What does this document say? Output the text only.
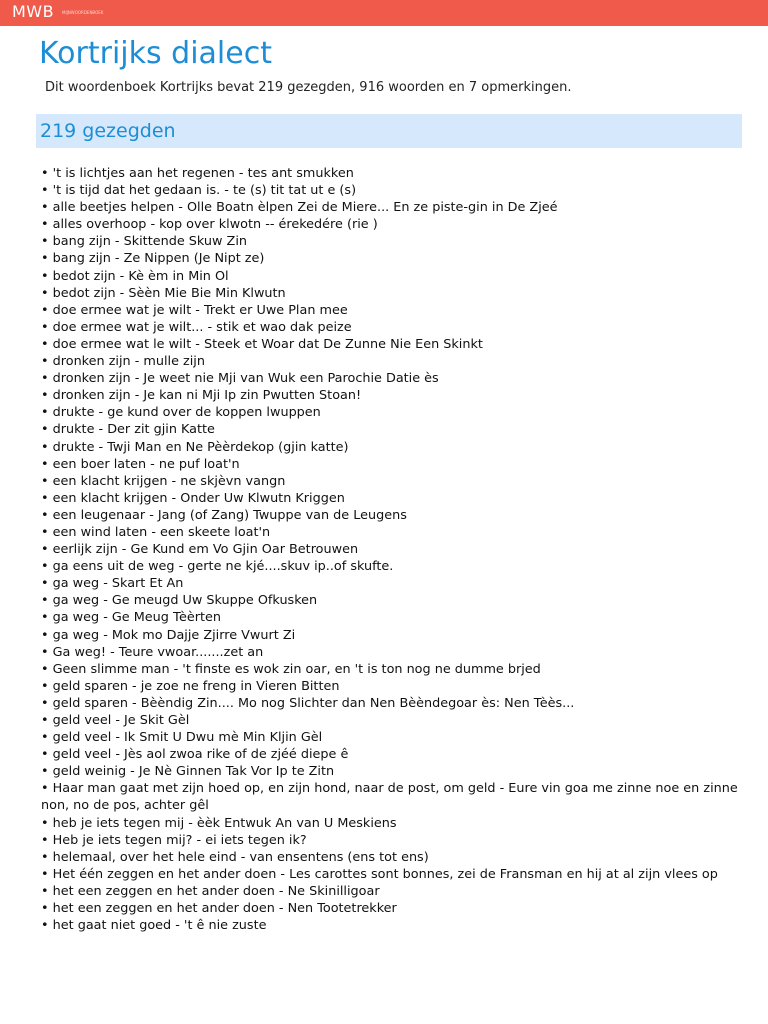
MWB MIJNWOORDENBOEK
Kortrijks dialect
Dit woordenboek Kortrijks bevat 219 gezegden, 916 woorden en 7 opmerkingen.
219 gezegden
• 't is lichtjes aan het regenen - tes ant smukken
• 't is tijd dat het gedaan is. - te (s) tit tat ut e (s)
• alle beetjes helpen - Olle Boatn èlpen Zei de Miere... En ze piste-gin in De Zjeé
• alles overhoop - kop over klwotn -- érekedére (rie )
• bang zijn - Skittende Skuw Zin
• bang zijn - Ze Nippen (Je Nipt ze)
• bedot zijn - Kè èm in Min Ol
• bedot zijn - Sèèn Mie Bie Min Klwutn
• doe ermee wat je wilt - Trekt er Uwe Plan mee
• doe ermee wat je wilt... - stik et wao dak peize
• doe ermee wat le wilt - Steek et Woar dat De Zunne Nie Een Skinkt
• dronken zijn - mulle zijn
• dronken zijn - Je weet nie Mji van Wuk een Parochie Datie ès
• dronken zijn - Je kan ni Mji Ip zin Pwutten Stoan!
• drukte - ge kund over de koppen lwuppen
• drukte - Der zit gjin Katte
• drukte - Twji Man en Ne Pèèrdekop (gjin katte)
• een boer laten - ne puf loat'n
• een klacht krijgen - ne skjèvn vangn
• een klacht krijgen - Onder Uw Klwutn Kriggen
• een leugenaar - Jang (of Zang) Twuppe van de Leugens
• een wind laten - een skeete loat'n
• eerlijk zijn - Ge Kund em Vo Gjin Oar Betrouwen
• ga eens uit de weg - gerte ne kjé....skuv ip..of skufte.
• ga weg - Skart Et An
• ga weg - Ge meugd Uw Skuppe Ofkusken
• ga weg - Ge Meug Tèèrten
• ga weg - Mok mo Dajje Zjirre Vwurt Zi
• Ga weg! - Teure vwoar.......zet an
• Geen slimme man - 't finste es wok zin oar, en 't is ton nog ne dumme brjed
• geld sparen - je zoe ne freng in Vieren Bitten
• geld sparen - Bèèndig Zin.... Mo nog Slichter dan Nen Bèèndegoar ès: Nen Tèès...
• geld veel - Je Skit Gèl
• geld veel - Ik Smit U Dwu mè Min Kljin Gèl
• geld veel - Jès aol zwoa rike of de zjéé diepe ê
• geld weinig - Je Nè Ginnen Tak Vor Ip te Zitn
• Haar man gaat met zijn hoed op, en zijn hond, naar de post, om geld - Eure vin goa me zinne noe en zinne non, no de pos, achter gêl
• heb je iets tegen mij - èèk Entwuk An van U Meskiens
• Heb je iets tegen mij? - ei iets tegen ik?
• helemaal, over het hele eind - van ensentens (ens tot ens)
• Het één zeggen en het ander doen - Les carottes sont bonnes, zei de Fransman en hij at al zijn vlees op
• het een zeggen en het ander doen - Ne Skinilligoar
• het een zeggen en het ander doen - Nen Tootetrekker
• het gaat niet goed - 't ê nie zuste
